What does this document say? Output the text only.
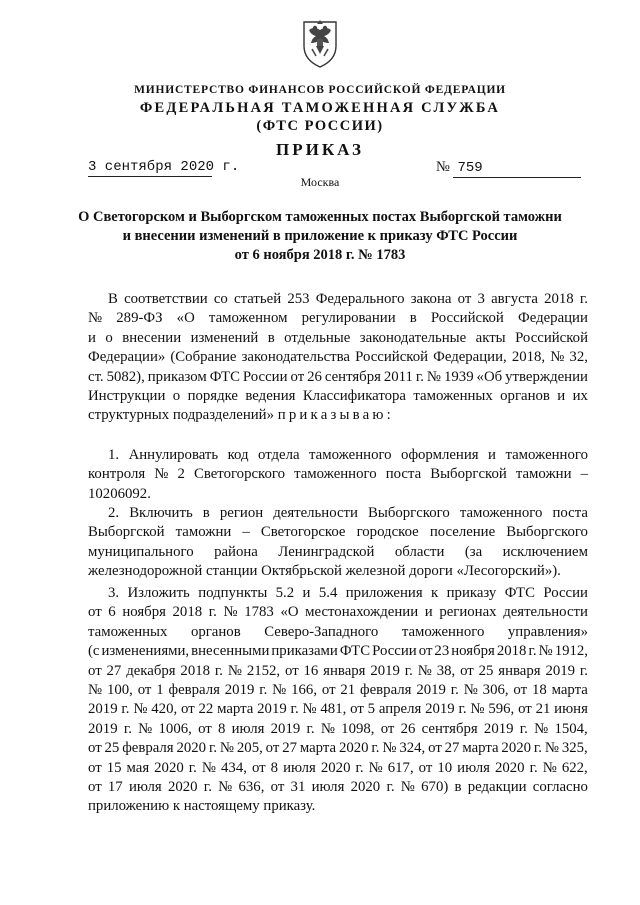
МИНИСТЕРСТВО ФИНАНСОВ РОССИЙСКОЙ ФЕДЕРАЦИИ
ФЕДЕРАЛЬНАЯ ТАМОЖЕННАЯ СЛУЖБА
(ФТС РОССИИ)
ПРИКАЗ
3 сентября 2020 г.	№ 759
Москва
О Светогорском и Выборгском таможенных постах Выборгской таможни
и внесении изменений в приложение к приказу ФТС России
от 6 ноября 2018 г. № 1783
В соответствии со статьей 253 Федерального закона от 3 августа 2018 г.
№ 289-ФЗ «О таможенном регулировании в Российской Федерации
и о внесении изменений в отдельные законодательные акты Российской
Федерации» (Собрание законодательства Российской Федерации, 2018, № 32,
ст. 5082), приказом ФТС России от 26 сентября 2011 г. № 1939 «Об утверждении
Инструкции о порядке ведения Классификатора таможенных органов и их
структурных подразделений»
приказываю:
1. Аннулировать код отдела таможенного оформления и таможенного
контроля № 2 Светогорского таможенного поста Выборгской таможни –
10206092.
2. Включить в регион деятельности Выборгского таможенного поста
Выборгской таможни – Светогорское городское поселение Выборгского
муниципального района Ленинградской области (за исключением
железнодорожной станции Октябрьской железной дороги «Лесогорский»).
3. Изложить подпункты 5.2 и 5.4 приложения к приказу ФТС России
от 6 ноября 2018 г. № 1783 «О местонахождении и регионах деятельности
таможенных органов Северо-Западного таможенного управления»
(с изменениями, внесенными приказами ФТС России от 23 ноября 2018 г. № 1912,
от 27 декабря 2018 г. № 2152, от 16 января 2019 г. № 38, от 25 января 2019 г.
№ 100, от 1 февраля 2019 г. № 166, от 21 февраля 2019 г. № 306, от 18 марта
2019 г. № 420, от 22 марта 2019 г. № 481, от 5 апреля 2019 г. № 596, от 21 июня
2019 г. № 1006, от 8 июля 2019 г. № 1098, от 26 сентября 2019 г. № 1504,
от 25 февраля 2020 г. № 205, от 27 марта 2020 г. № 324, от 27 марта 2020 г. № 325,
от 15 мая 2020 г. № 434, от 8 июля 2020 г. № 617, от 10 июля 2020 г. № 622,
от 17 июля 2020 г. № 636, от 31 июля 2020 г. № 670) в редакции согласно
приложению к настоящему приказу.
